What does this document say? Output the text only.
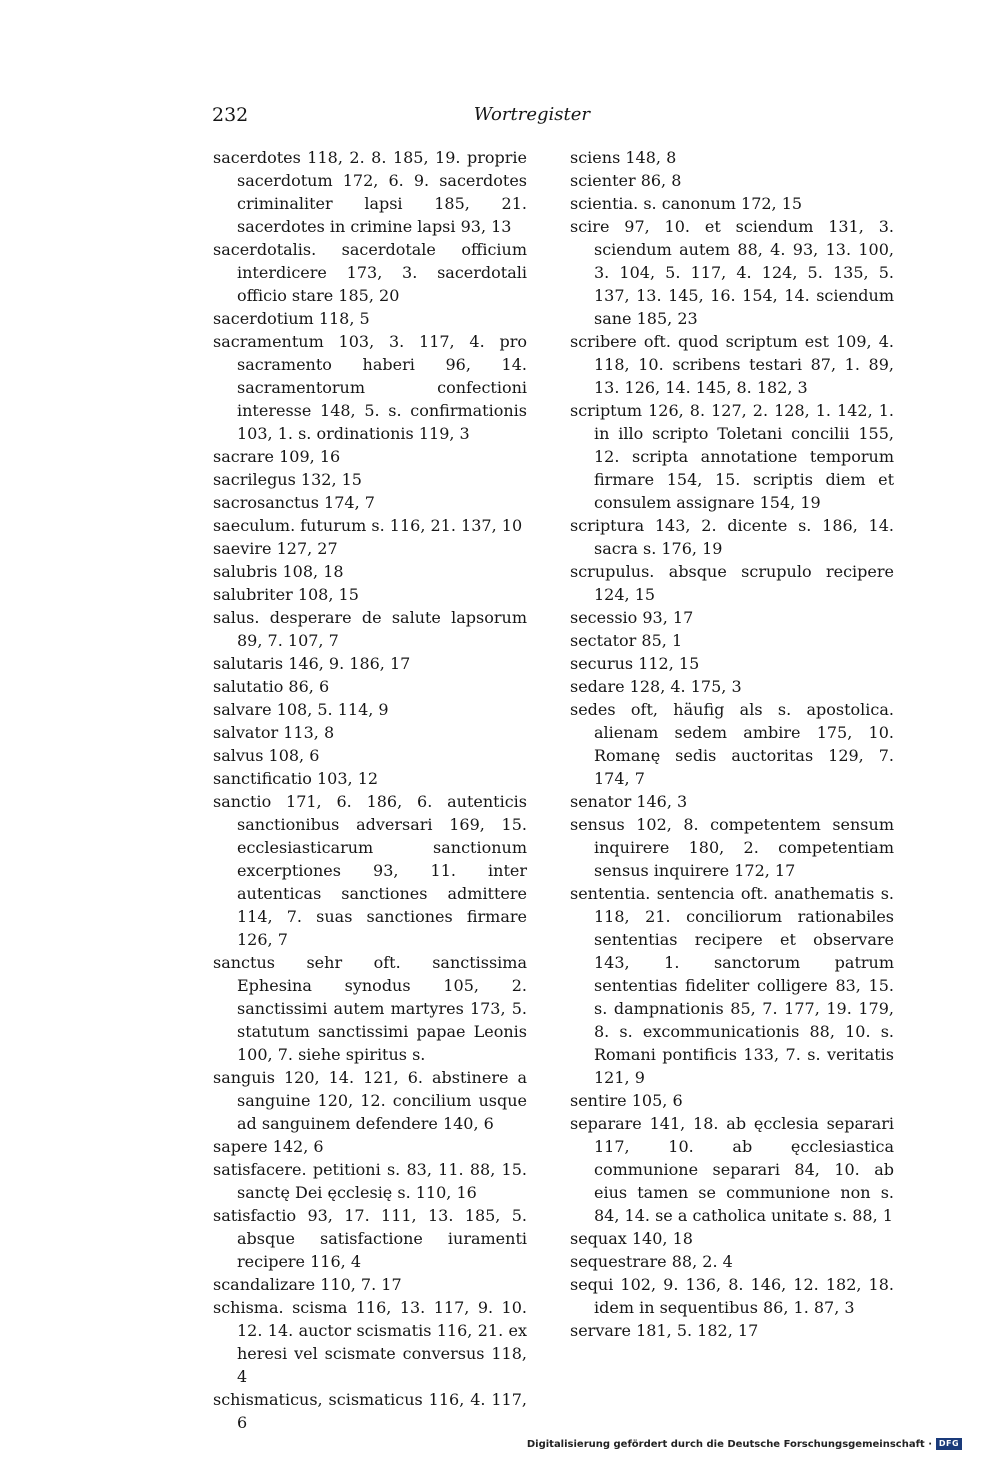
232	Wortregister

sacerdotes 118, 2. 8. 185, 19. proprie sacerdotum 172, 6. 9. sacerdotes criminaliter lapsi 185, 21. sacerdotes in crimine lapsi 93, 13

sacerdotalis. sacerdotale officium interdicere 173, 3. sacerdotali officio stare 185, 20

sacerdotium 118, 5

sacramentum 103, 3. 117, 4. pro sacramento haberi 96, 14. sacramentorum confectioni interesse 148, 5. s. confirmationis 103, 1. s. ordinationis 119, 3

sacrare 109, 16

sacrilegus 132, 15

sacrosanctus 174, 7

saeculum. futurum s. 116, 21. 137, 10

saevire 127, 27

salubris 108, 18

salubriter 108, 15

salus. desperare de salute lapsorum 89, 7. 107, 7

salutaris 146, 9. 186, 17

salutatio 86, 6

salvare 108, 5. 114, 9

salvator 113, 8

salvus 108, 6

sanctificatio 103, 12

sanctio 171, 6. 186, 6. autenticis sanctionibus adversari 169, 15. ecclesiasticarum sanctionum excerptiones 93, 11. inter autenticas sanctiones admittere 114, 7. suas sanctiones firmare 126, 7

sanctus sehr oft. sanctissima Ephesina synodus 105, 2. sanctissimi autem martyres 173, 5. statutum sanctissimi papae Leonis 100, 7. siehe spiritus s.

sanguis 120, 14. 121, 6. abstinere a sanguine 120, 12. concilium usque ad sanguinem defendere 140, 6

sapere 142, 6

satisfacere. petitioni s. 83, 11. 88, 15. sanctę Dei ęcclesię s. 110, 16

satisfactio 93, 17. 111, 13. 185, 5. absque satisfactione iuramenti recipere 116, 4

scandalizare 110, 7. 17

schisma. scisma 116, 13. 117, 9. 10. 12. 14. auctor scismatis 116, 21. ex heresi vel scismate conversus 118, 4

schismaticus, scismaticus 116, 4. 117, 6

sciens 148, 8

scienter 86, 8

scientia. s. canonum 172, 15

scire 97, 10. et sciendum 131, 3. sciendum autem 88, 4. 93, 13. 100, 3. 104, 5. 117, 4. 124, 5. 135, 5. 137, 13. 145, 16. 154, 14. sciendum sane 185, 23

scribere oft. quod scriptum est 109, 4. 118, 10. scribens testari 87, 1. 89, 13. 126, 14. 145, 8. 182, 3

scriptum 126, 8. 127, 2. 128, 1. 142, 1. in illo scripto Toletani concilii 155, 12. scripta annotatione temporum firmare 154, 15. scriptis diem et consulem assignare 154, 19

scriptura 143, 2. dicente s. 186, 14. sacra s. 176, 19

scrupulus. absque scrupulo recipere 124, 15

secessio 93, 17

sectator 85, 1

securus 112, 15

sedare 128, 4. 175, 3

sedes oft, häufig als s. apostolica. alienam sedem ambire 175, 10. Romanę sedis auctoritas 129, 7. 174, 7

senator 146, 3

sensus 102, 8. competentem sensum inquirere 180, 2. competentiam sensus inquirere 172, 17

sententia. sentencia oft. anathematis s. 118, 21. conciliorum rationabiles sententias recipere et observare 143, 1. sanctorum patrum sententias fideliter colligere 83, 15. s. dampnationis 85, 7. 177, 19. 179, 8. s. excommunicationis 88, 10. s. Romani pontificis 133, 7. s. veritatis 121, 9

sentire 105, 6

separare 141, 18. ab ęcclesia separari 117, 10. ab ęcclesiastica communione separari 84, 10. ab eius tamen se communione non s. 84, 14. se a catholica unitate s. 88, 1

sequax 140, 18

sequestrare 88, 2. 4

sequi 102, 9. 136, 8. 146, 12. 182, 18. idem in sequentibus 86, 1. 87, 3

servare 181, 5. 182, 17

Digitalisierung gefördert durch die Deutsche Forschungsgemeinschaft · DFG
